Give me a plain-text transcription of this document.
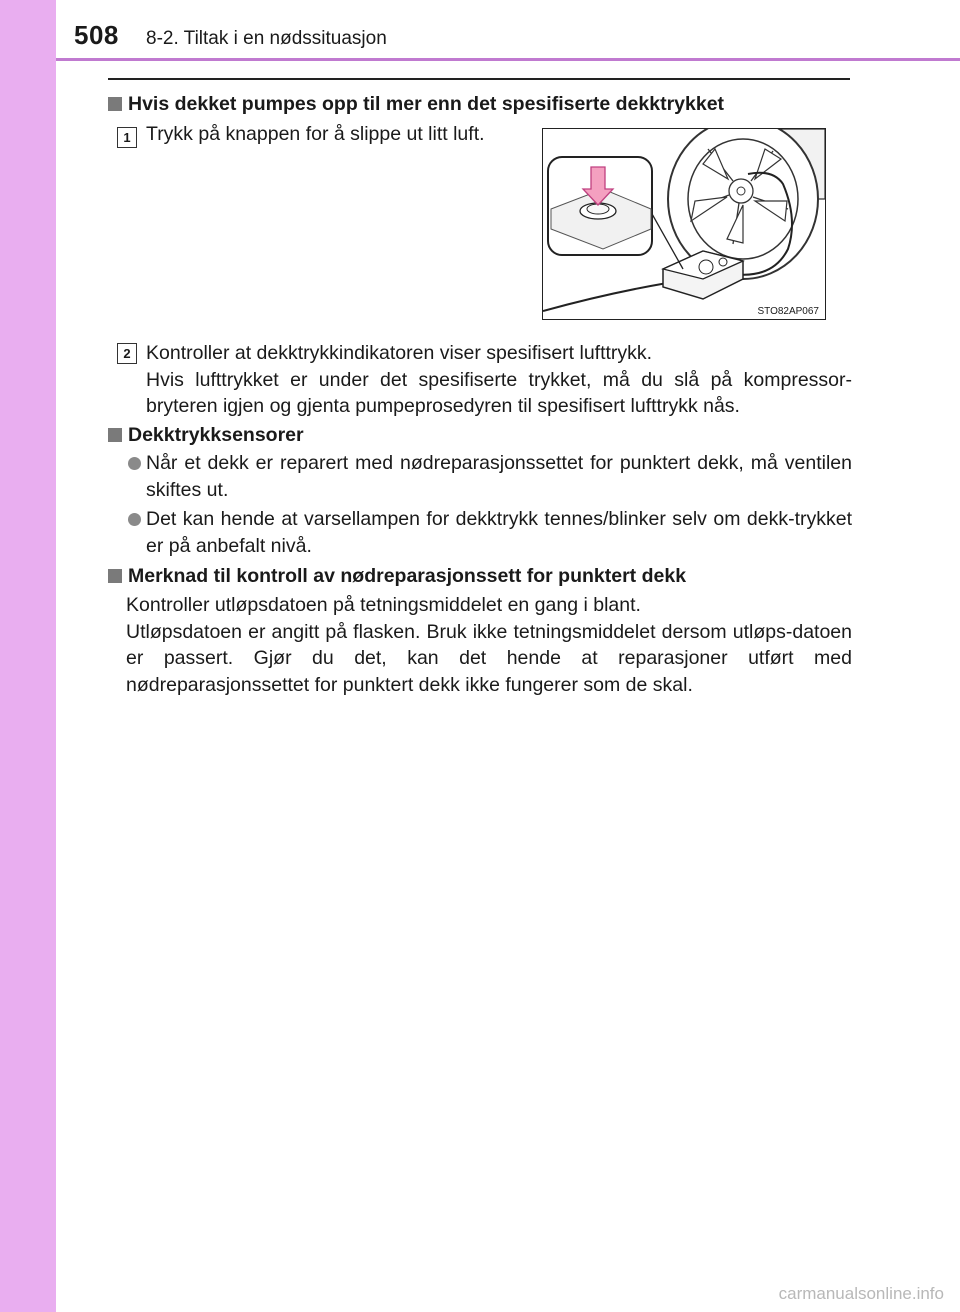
508 8-2. Tiltak i en nødssituasjon
Hvis dekket pumpes opp til mer enn det spesifiserte dekktrykket
1 Trykk på knappen for å slippe ut litt luft.
STO82AP067
2 Kontroller at dekktrykkindikatoren viser spesifisert lufttrykk.
Hvis lufttrykket er under det spesifiserte trykket, må du slå på kompressor-bryteren igjen og gjenta pumpeprosedyren til spesifisert lufttrykk nås.
Dekktrykksensorer
Når et dekk er reparert med nødreparasjonssettet for punktert dekk, må ventilen skiftes ut.
Det kan hende at varsellampen for dekktrykk tennes/blinker selv om dekk-trykket er på anbefalt nivå.
Merknad til kontroll av nødreparasjonssett for punktert dekk
Kontroller utløpsdatoen på tetningsmiddelet en gang i blant.
Utløpsdatoen er angitt på flasken. Bruk ikke tetningsmiddelet dersom utløps-datoen er passert. Gjør du det, kan det hende at reparasjoner utført med nødreparasjonssettet for punktert dekk ikke fungerer som de skal.
carmanualsonline.info
